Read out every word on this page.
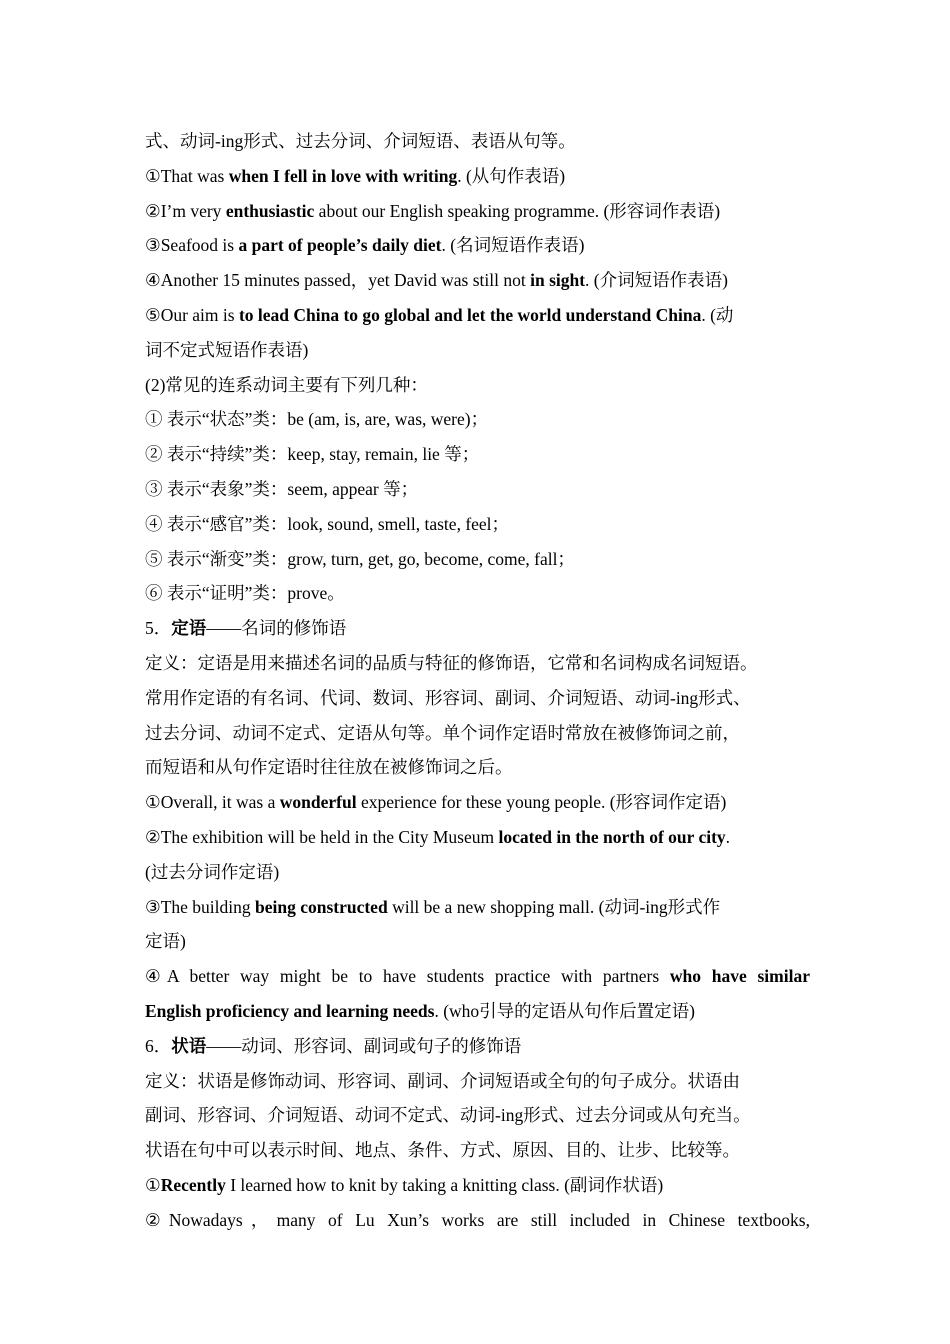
式、动词-ing形式、过去分词、介词短语、表语从句等。
①That was when I fell in love with writing. (从句作表语)
②I’m very enthusiastic about our English speaking programme. (形容词作表语)
③Seafood is a part of people’s daily diet. (名词短语作表语)
④Another 15 minutes passed，yet David was still not in sight. (介词短语作表语)
⑤Our aim is to lead China to go global and let the world understand China. (动
词不定式短语作表语)
(2)常见的连系动词主要有下列几种：
① 表示“状态”类：be (am, is, are, was, were)；
② 表示“持续”类：keep, stay, remain, lie 等；
③ 表示“表象”类：seem, appear 等；
④ 表示“感官”类：look, sound, smell, taste, feel；
⑤ 表示“渐变”类：grow, turn, get, go, become, come, fall；
⑥ 表示“证明”类：prove。
5．定语——名词的修饰语
定义：定语是用来描述名词的品质与特征的修饰语，它常和名词构成名词短语。
常用作定语的有名词、代词、数词、形容词、副词、介词短语、动词-ing形式、
过去分词、动词不定式、定语从句等。单个词作定语时常放在被修饰词之前，
而短语和从句作定语时往往放在被修饰词之后。
①Overall, it was a wonderful experience for these young people. (形容词作定语)
②The exhibition will be held in the City Museum located in the north of our city.
(过去分词作定语)
③The building being constructed will be a new shopping mall. (动词-ing形式作
定语)
④A better way might be to have students practice with partners who have similar
English proficiency and learning needs. (who引导的定语从句作后置定语)
6．状语——动词、形容词、副词或句子的修饰语
定义：状语是修饰动词、形容词、副词、介词短语或全句的句子成分。状语由
副词、形容词、介词短语、动词不定式、动词-ing形式、过去分词或从句充当。
状语在句中可以表示时间、地点、条件、方式、原因、目的、让步、比较等。
①Recently I learned how to knit by taking a knitting class. (副词作状语)
②Nowadays，many of Lu Xun’s works are still included in Chinese textbooks,
